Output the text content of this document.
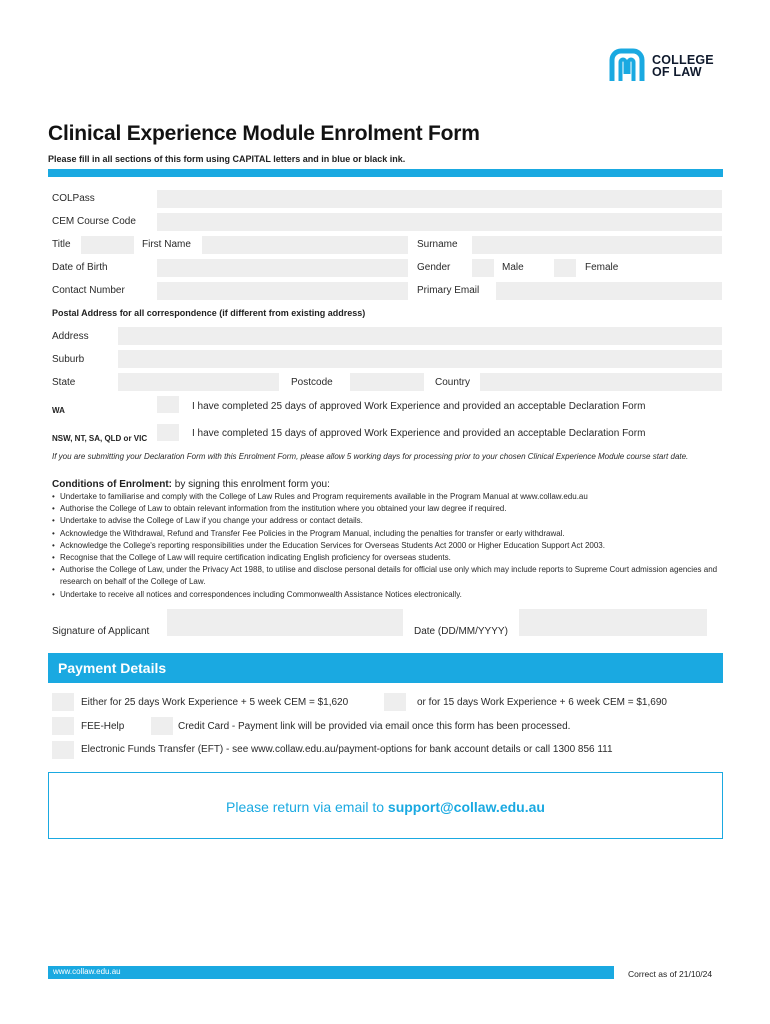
COLLEGE
OF LAW
Clinical Experience Module Enrolment Form
Please fill in all sections of this form using CAPITAL letters and in blue or black ink.
COLPass
CEM Course Code
Title	First Name	Surname
Date of Birth	Gender	Male	Female
Contact Number	Primary Email
Postal Address for all correspondence (if different from existing address)
Address
Suburb
State	Postcode	Country
WA	I have completed 25 days of approved Work Experience and provided an acceptable Declaration Form
NSW, NT, SA, QLD or VIC	I have completed 15 days of approved Work Experience and provided an acceptable Declaration Form
If you are submitting your Declaration Form with this Enrolment Form, please allow 5 working days for processing prior to your chosen Clinical Experience Module course start date.
Conditions of Enrolment: by signing this enrolment form you:
• Undertake to familiarise and comply with the College of Law Rules and Program requirements available in the Program Manual at www.collaw.edu.au
• Authorise the College of Law to obtain relevant information from the institution where you obtained your law degree if required.
• Undertake to advise the College of Law if you change your address or contact details.
• Acknowledge the Withdrawal, Refund and Transfer Fee Policies in the Program Manual, including the penalties for transfer or early withdrawal.
• Acknowledge the College's reporting responsibilities under the Education Services for Overseas Students Act 2000 or Higher Education Support Act 2003.
• Recognise that the College of Law will require certification indicating English proficiency for overseas students.
• Authorise the College of Law, under the Privacy Act 1988, to utilise and disclose personal details for official use only which may include reports to Supreme Court admission agencies and research on behalf of the College of Law.
• Undertake to receive all notices and correspondences including Commonwealth Assistance Notices electronically.
Signature of Applicant	Date (DD/MM/YYYY)
Payment Details
Either for 25 days Work Experience + 5 week CEM = $1,620	or for 15 days Work Experience + 6 week CEM = $1,690
FEE-Help	Credit Card - Payment link will be provided via email once this form has been processed.
Electronic Funds Transfer (EFT) - see www.collaw.edu.au/payment-options for bank account details or call 1300 856 111
Please return via email to support@collaw.edu.au
www.collaw.edu.au	Correct as of 21/10/24
